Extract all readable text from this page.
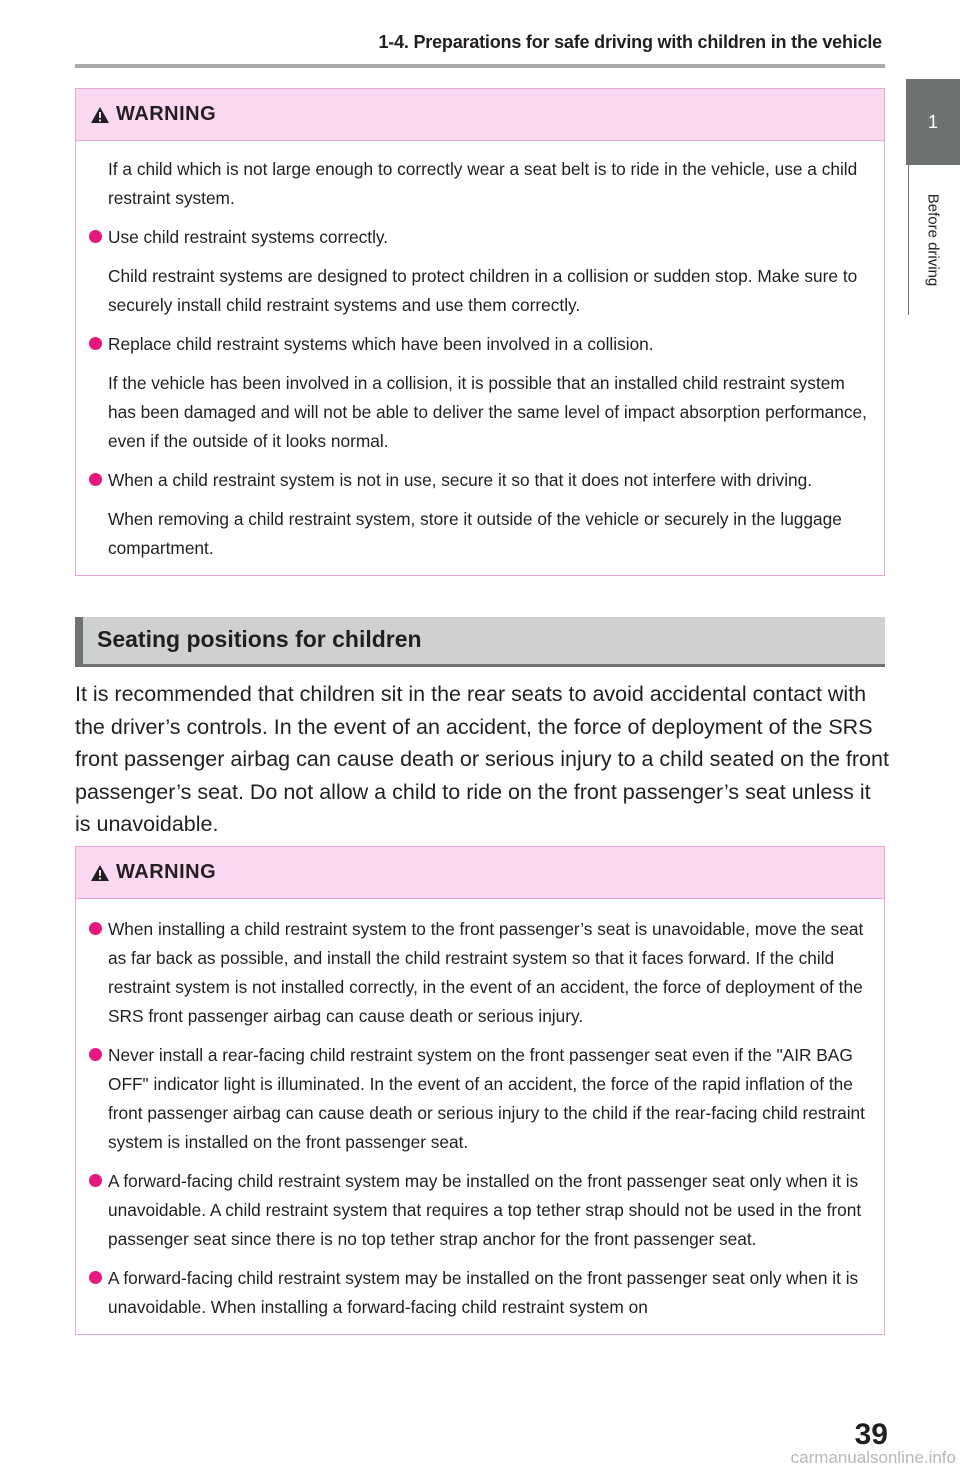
1-4. Preparations for safe driving with children in the vehicle
1
Before driving
WARNING

If a child which is not large enough to correctly wear a seat belt is to ride in the vehicle, use a child restraint system.

Use child restraint systems correctly.

Child restraint systems are designed to protect children in a collision or sudden stop. Make sure to securely install child restraint systems and use them correctly.

Replace child restraint systems which have been involved in a collision.

If the vehicle has been involved in a collision, it is possible that an installed child restraint system has been damaged and will not be able to deliver the same level of impact absorption performance, even if the outside of it looks normal.

When a child restraint system is not in use, secure it so that it does not interfere with driving.

When removing a child restraint system, store it outside of the vehicle or securely in the luggage compartment.

Seating positions for children

It is recommended that children sit in the rear seats to avoid accidental contact with the driver’s controls. In the event of an accident, the force of deployment of the SRS front passenger airbag can cause death or serious injury to a child seated on the front passenger’s seat. Do not allow a child to ride on the front passenger’s seat unless it is unavoidable.

WARNING

When installing a child restraint system to the front passenger’s seat is unavoidable, move the seat as far back as possible, and install the child restraint system so that it faces forward. If the child restraint system is not installed correctly, in the event of an accident, the force of deployment of the SRS front passenger airbag can cause death or serious injury.

Never install a rear-facing child restraint system on the front passenger seat even if the "AIR BAG OFF" indicator light is illuminated. In the event of an accident, the force of the rapid inflation of the front passenger airbag can cause death or serious injury to the child if the rear-facing child restraint system is installed on the front passenger seat.

A forward-facing child restraint system may be installed on the front passenger seat only when it is unavoidable. A child restraint system that requires a top tether strap should not be used in the front passenger seat since there is no top tether strap anchor for the front passenger seat.

A forward-facing child restraint system may be installed on the front passenger seat only when it is unavoidable. When installing a forward-facing child restraint system on

39
carmanualsonline.info
